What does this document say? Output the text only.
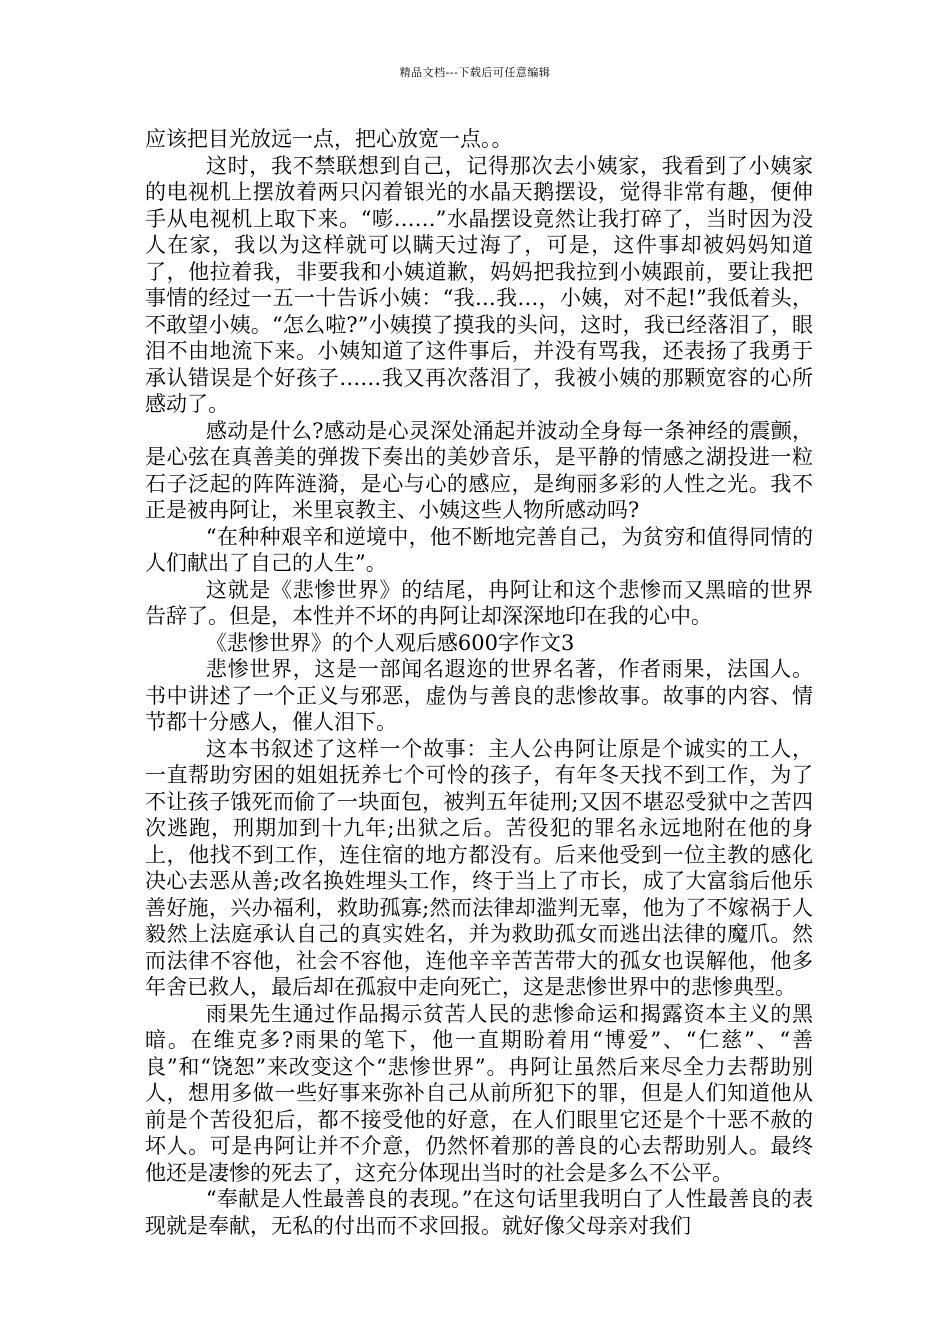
精品文档---下载后可任意编辑

应该把目光放远一点，把心放宽一点。。

这时，我不禁联想到自己，记得那次去小姨家，我看到了小姨家的电视机上摆放着两只闪着银光的水晶天鹅摆设，觉得非常有趣，便伸手从电视机上取下来。“嘭……”水晶摆设竟然让我打碎了，当时因为没人在家，我以为这样就可以瞒天过海了，可是，这件事却被妈妈知道了，他拉着我，非要我和小姨道歉，妈妈把我拉到小姨跟前，要让我把事情的经过一五一十告诉小姨：“我…我…，小姨，对不起!”我低着头，不敢望小姨。“怎么啦?”小姨摸了摸我的头问，这时，我已经落泪了，眼泪不由地流下来。小姨知道了这件事后，并没有骂我，还表扬了我勇于承认错误是个好孩子……我又再次落泪了，我被小姨的那颗宽容的心所感动了。

感动是什么?感动是心灵深处涌起并波动全身每一条神经的震颤，是心弦在真善美的弹拨下奏出的美妙音乐，是平静的情感之湖投进一粒石子泛起的阵阵涟漪，是心与心的感应，是绚丽多彩的人性之光。我不正是被冉阿让，米里哀教主、小姨这些人物所感动吗?

“在种种艰辛和逆境中，他不断地完善自己，为贫穷和值得同情的人们献出了自己的人生”。

这就是《悲惨世界》的结尾，冉阿让和这个悲惨而又黑暗的世界告辞了。但是，本性并不坏的冉阿让却深深地印在我的心中。

《悲惨世界》的个人观后感600字作文3

悲惨世界，这是一部闻名遐迩的世界名著，作者雨果，法国人。书中讲述了一个正义与邪恶，虚伪与善良的悲惨故事。故事的内容、情节都十分感人，催人泪下。

这本书叙述了这样一个故事：主人公冉阿让原是个诚实的工人，一直帮助穷困的姐姐抚养七个可怜的孩子，有年冬天找不到工作，为了不让孩子饿死而偷了一块面包，被判五年徒刑;又因不堪忍受狱中之苦四次逃跑，刑期加到十九年;出狱之后。苦役犯的罪名永远地附在他的身上，他找不到工作，连住宿的地方都没有。后来他受到一位主教的感化决心去恶从善;改名换姓埋头工作，终于当上了市长，成了大富翁后他乐善好施，兴办福利，救助孤寡;然而法律却滥判无辜，他为了不嫁祸于人毅然上法庭承认自己的真实姓名，并为救助孤女而逃出法律的魔爪。然而法律不容他，社会不容他，连他辛辛苦苦带大的孤女也误解他，他多年舍已救人，最后却在孤寂中走向死亡，这是悲惨世界中的悲惨典型。

雨果先生通过作品揭示贫苦人民的悲惨命运和揭露资本主义的黑暗。在维克多?雨果的笔下，他一直期盼着用“博爱”、“仁慈”、“善良”和“饶恕”来改变这个“悲惨世界”。冉阿让虽然后来尽全力去帮助别人，想用多做一些好事来弥补自己从前所犯下的罪，但是人们知道他从前是个苦役犯后，都不接受他的好意，在人们眼里它还是个十恶不赦的坏人。可是冉阿让并不介意，仍然怀着那的善良的心去帮助别人。最终他还是凄惨的死去了，这充分体现出当时的社会是多么不公平。

“奉献是人性最善良的表现。”在这句话里我明白了人性最善良的表现就是奉献，无私的付出而不求回报。就好像父母亲对我们
